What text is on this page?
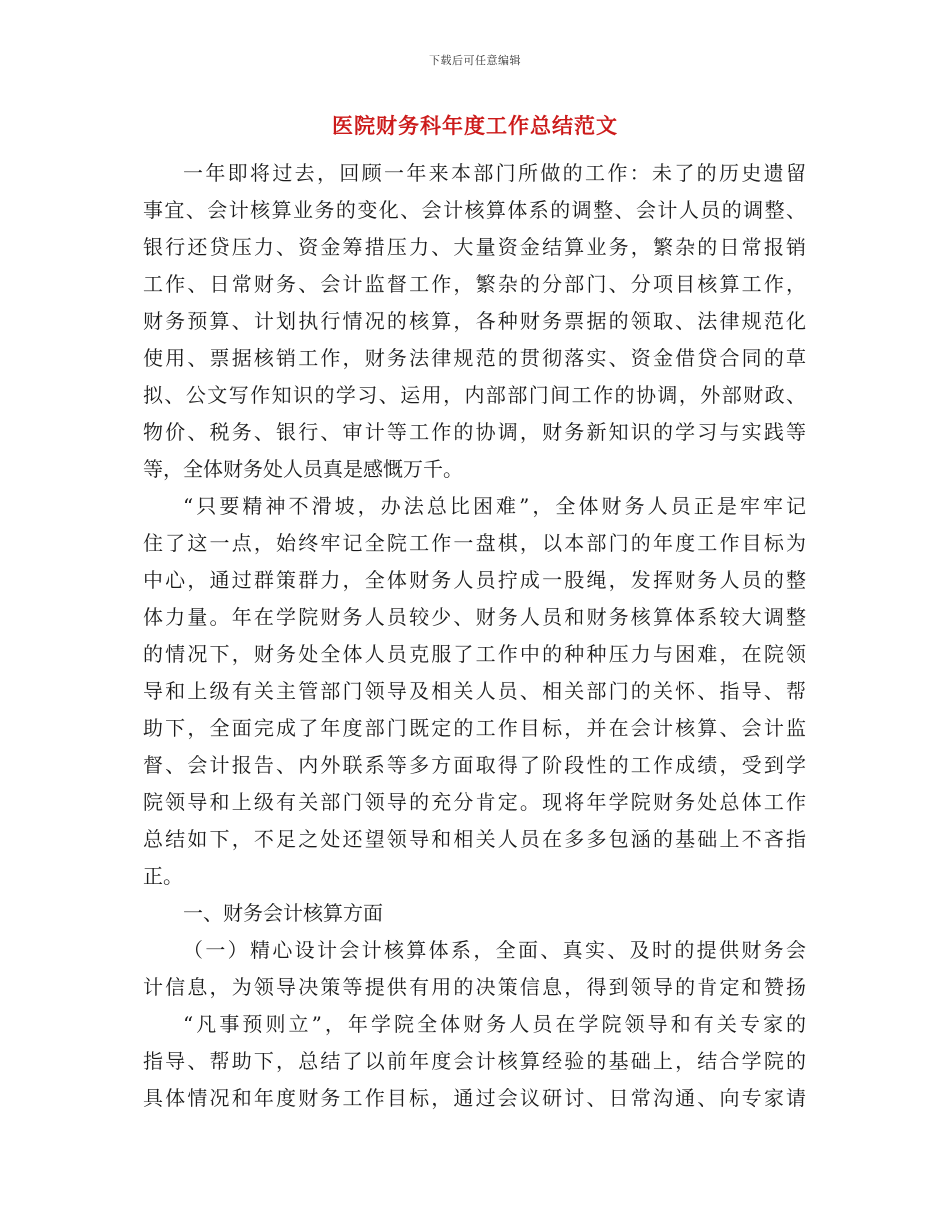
下载后可任意编辑
医院财务科年度工作总结范文
一年即将过去，回顾一年来本部门所做的工作：未了的历史遗留
事宜、会计核算业务的变化、会计核算体系的调整、会计人员的调整、
银行还贷压力、资金筹措压力、大量资金结算业务，繁杂的日常报销
工作、日常财务、会计监督工作，繁杂的分部门、分项目核算工作，
财务预算、计划执行情况的核算，各种财务票据的领取、法律规范化
使用、票据核销工作，财务法律规范的贯彻落实、资金借贷合同的草
拟、公文写作知识的学习、运用，内部部门间工作的协调，外部财政、
物价、税务、银行、审计等工作的协调，财务新知识的学习与实践等
等，全体财务处人员真是感慨万千。
“只要精神不滑坡，办法总比困难”，全体财务人员正是牢牢记
住了这一点，始终牢记全院工作一盘棋，以本部门的年度工作目标为
中心，通过群策群力，全体财务人员拧成一股绳，发挥财务人员的整
体力量。年在学院财务人员较少、财务人员和财务核算体系较大调整
的情况下，财务处全体人员克服了工作中的种种压力与困难，在院领
导和上级有关主管部门领导及相关人员、相关部门的关怀、指导、帮
助下，全面完成了年度部门既定的工作目标，并在会计核算、会计监
督、会计报告、内外联系等多方面取得了阶段性的工作成绩，受到学
院领导和上级有关部门领导的充分肯定。现将年学院财务处总体工作
总结如下，不足之处还望领导和相关人员在多多包涵的基础上不吝指
正。
一、财务会计核算方面
（一）精心设计会计核算体系，全面、真实、及时的提供财务会
计信息，为领导决策等提供有用的决策信息，得到领导的肯定和赞扬
“凡事预则立”，年学院全体财务人员在学院领导和有关专家的
指导、帮助下，总结了以前年度会计核算经验的基础上，结合学院的
具体情况和年度财务工作目标，通过会议研讨、日常沟通、向专家请
